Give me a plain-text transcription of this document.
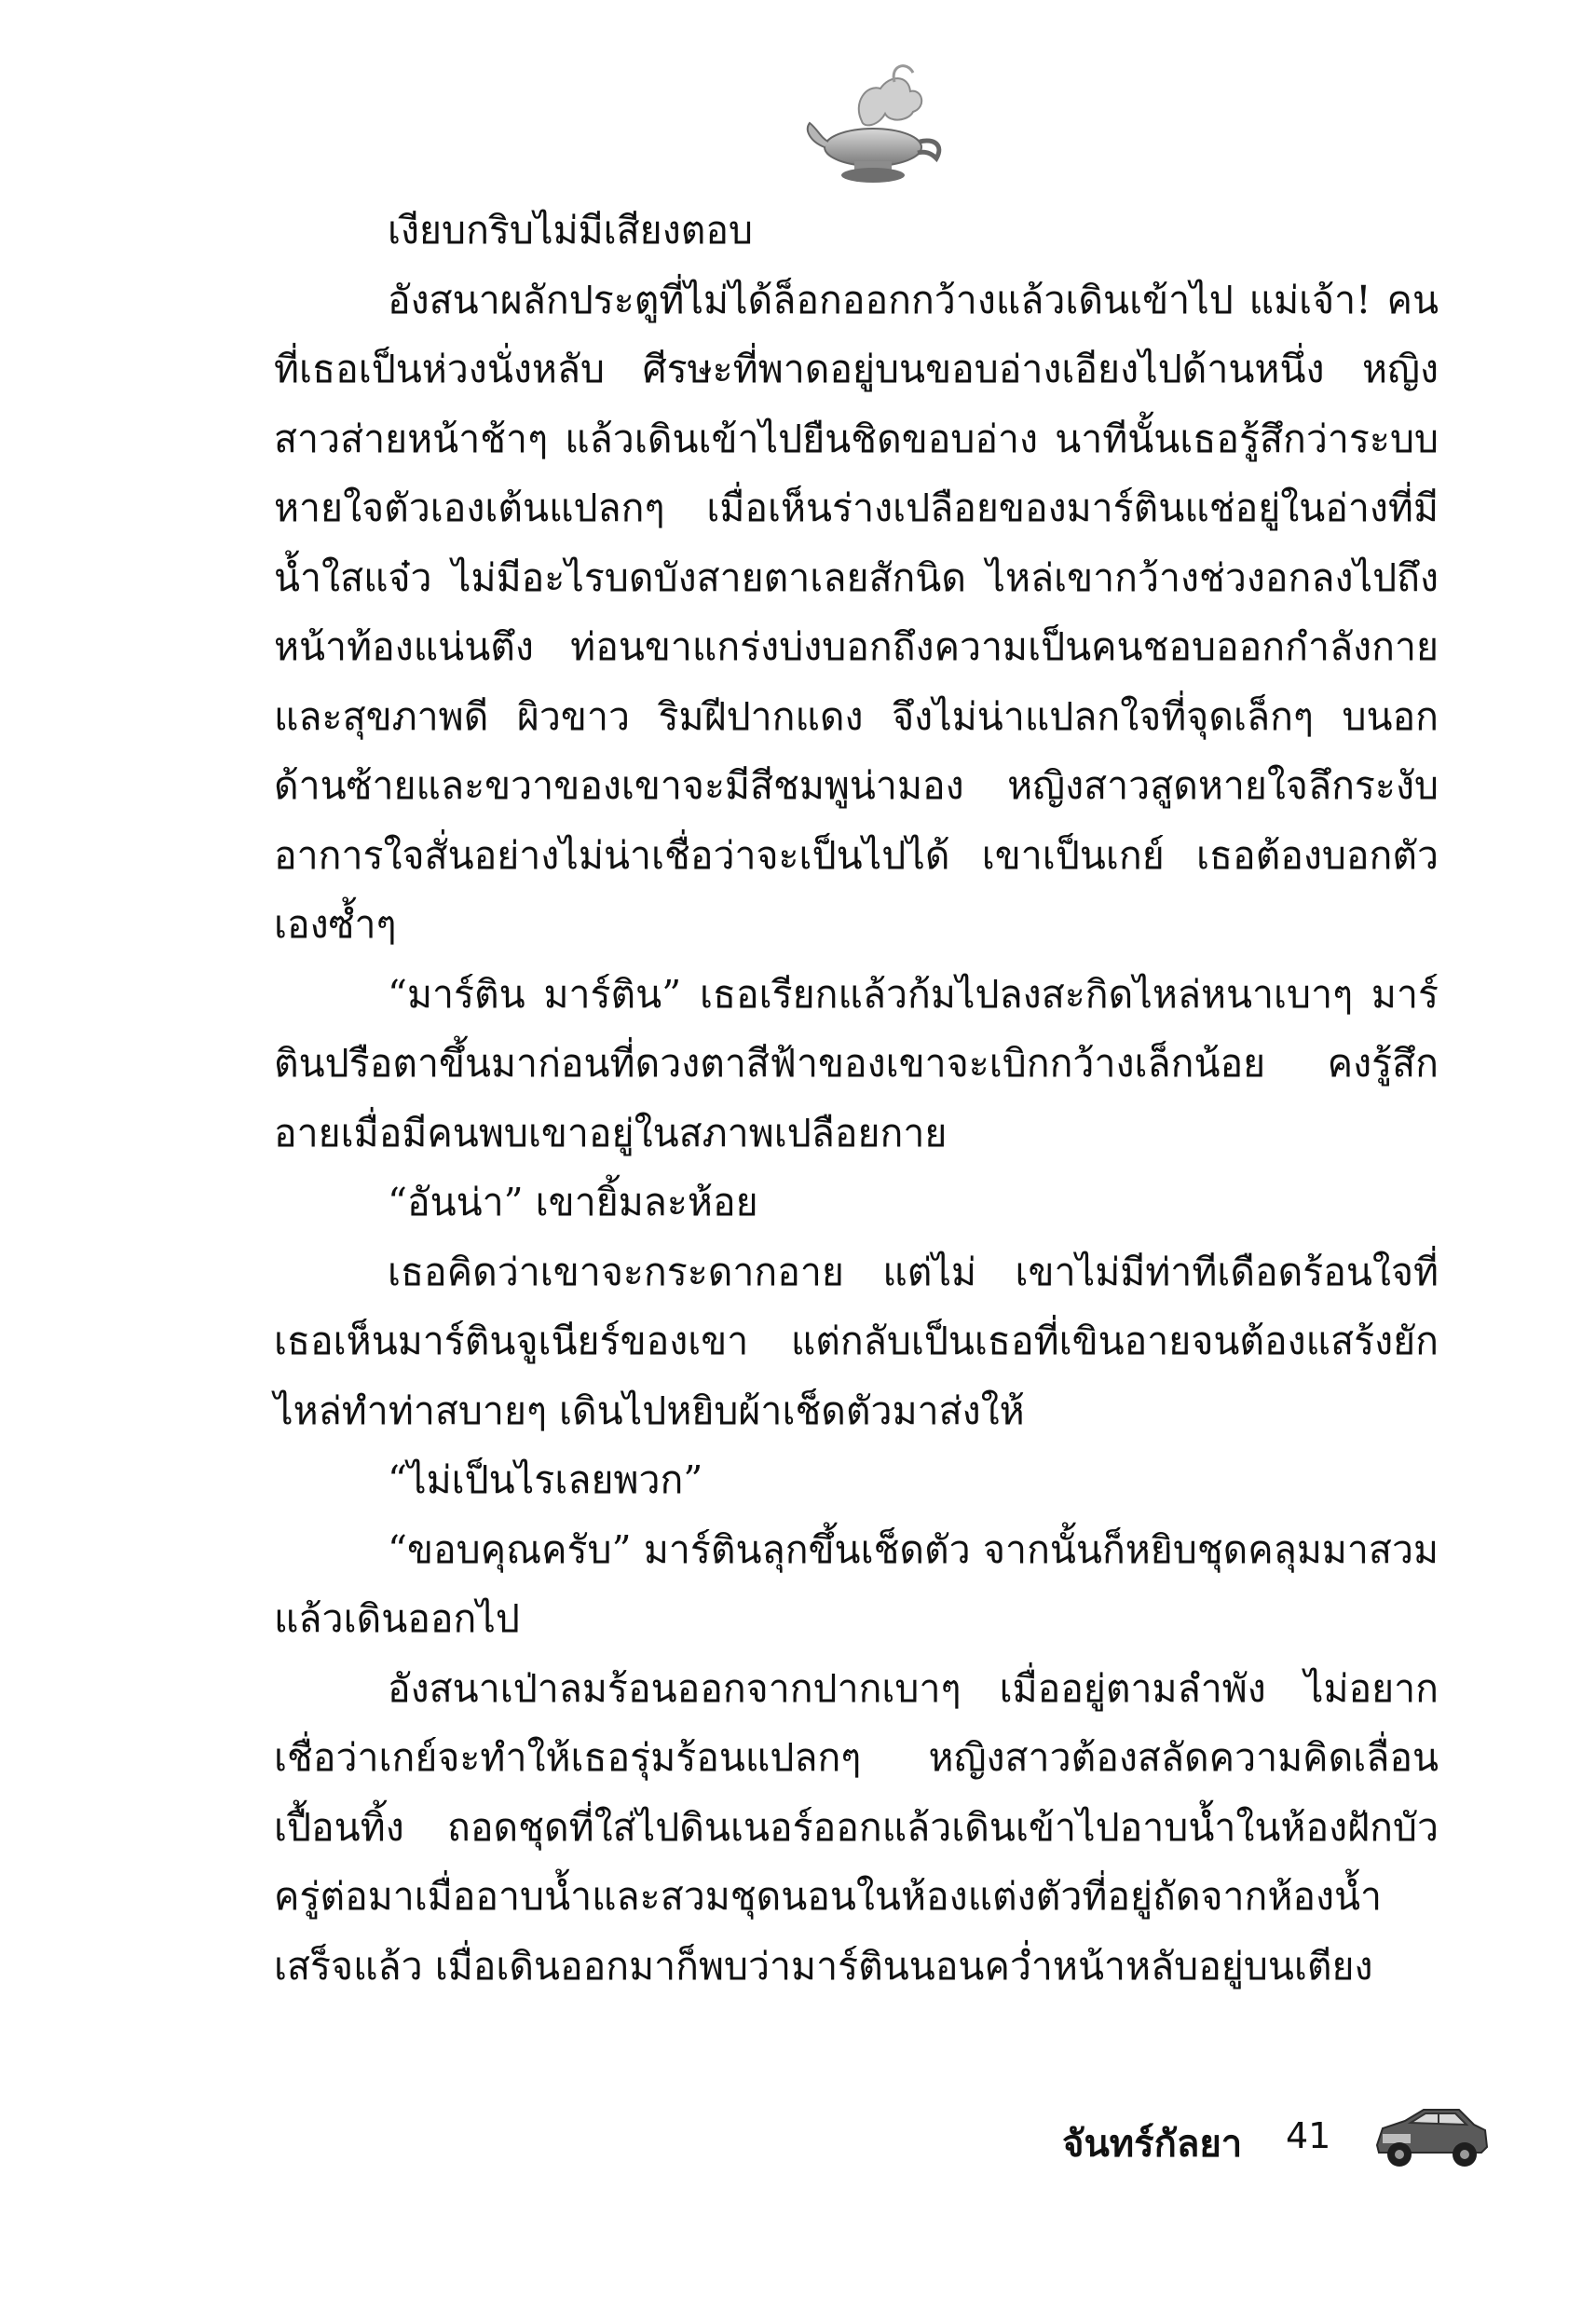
เงียบกริบไม่มีเสียงตอบ

อังสนาผลักประตูที่ไม่ได้ล็อกออกกว้างแล้วเดินเข้าไป แม่เจ้า! คนที่เธอเป็นห่วงนั่งหลับ ศีรษะที่พาดอยู่บนขอบอ่างเอียงไปด้านหนึ่ง หญิงสาวส่ายหน้าช้าๆ แล้วเดินเข้าไปยืนชิดขอบอ่าง นาทีนั้นเธอรู้สึกว่าระบบหายใจตัวเองเต้นแปลกๆ เมื่อเห็นร่างเปลือยของมาร์ตินแช่อยู่ในอ่างที่มีน้ำใสแจ๋ว ไม่มีอะไรบดบังสายตาเลยสักนิด ไหล่เขากว้างช่วงอกลงไปถึงหน้าท้องแน่นตึง ท่อนขาแกร่งบ่งบอกถึงความเป็นคนชอบออกกำลังกายและสุขภาพดี ผิวขาว ริมฝีปากแดง จึงไม่น่าแปลกใจที่จุดเล็กๆ บนอกด้านซ้ายและขวาของเขาจะมีสีชมพูน่ามอง หญิงสาวสูดหายใจลึกระงับอาการใจสั่นอย่างไม่น่าเชื่อว่าจะเป็นไปได้ เขาเป็นเกย์ เธอต้องบอกตัวเองซ้ำๆ

“มาร์ติน มาร์ติน” เธอเรียกแล้วก้มไปลงสะกิดไหล่หนาเบาๆ มาร์ตินปรือตาขึ้นมาก่อนที่ดวงตาสีฟ้าของเขาจะเบิกกว้างเล็กน้อย คงรู้สึกอายเมื่อมีคนพบเขาอยู่ในสภาพเปลือยกาย

“อันน่า” เขายิ้มละห้อย

เธอคิดว่าเขาจะกระดากอาย แต่ไม่ เขาไม่มีท่าทีเดือดร้อนใจที่เธอเห็นมาร์ตินจูเนียร์ของเขา แต่กลับเป็นเธอที่เขินอายจนต้องแสร้งยักไหล่ทำท่าสบายๆ เดินไปหยิบผ้าเช็ดตัวมาส่งให้

“ไม่เป็นไรเลยพวก”

“ขอบคุณครับ” มาร์ตินลุกขึ้นเช็ดตัว จากนั้นก็หยิบชุดคลุมมาสวมแล้วเดินออกไป

อังสนาเป่าลมร้อนออกจากปากเบาๆ เมื่ออยู่ตามลำพัง ไม่อยากเชื่อว่าเกย์จะทำให้เธอรุ่มร้อนแปลกๆ หญิงสาวต้องสลัดความคิดเลื่อนเปื้อนทิ้ง ถอดชุดที่ใส่ไปดินเนอร์ออกแล้วเดินเข้าไปอาบน้ำในห้องฝักบัวครู่ต่อมาเมื่ออาบน้ำและสวมชุดนอนในห้องแต่งตัวที่อยู่ถัดจากห้องน้ำเสร็จแล้ว เมื่อเดินออกมาก็พบว่ามาร์ตินนอนคว่ำหน้าหลับอยู่บนเตียง

จันทร์กัลยา 41
